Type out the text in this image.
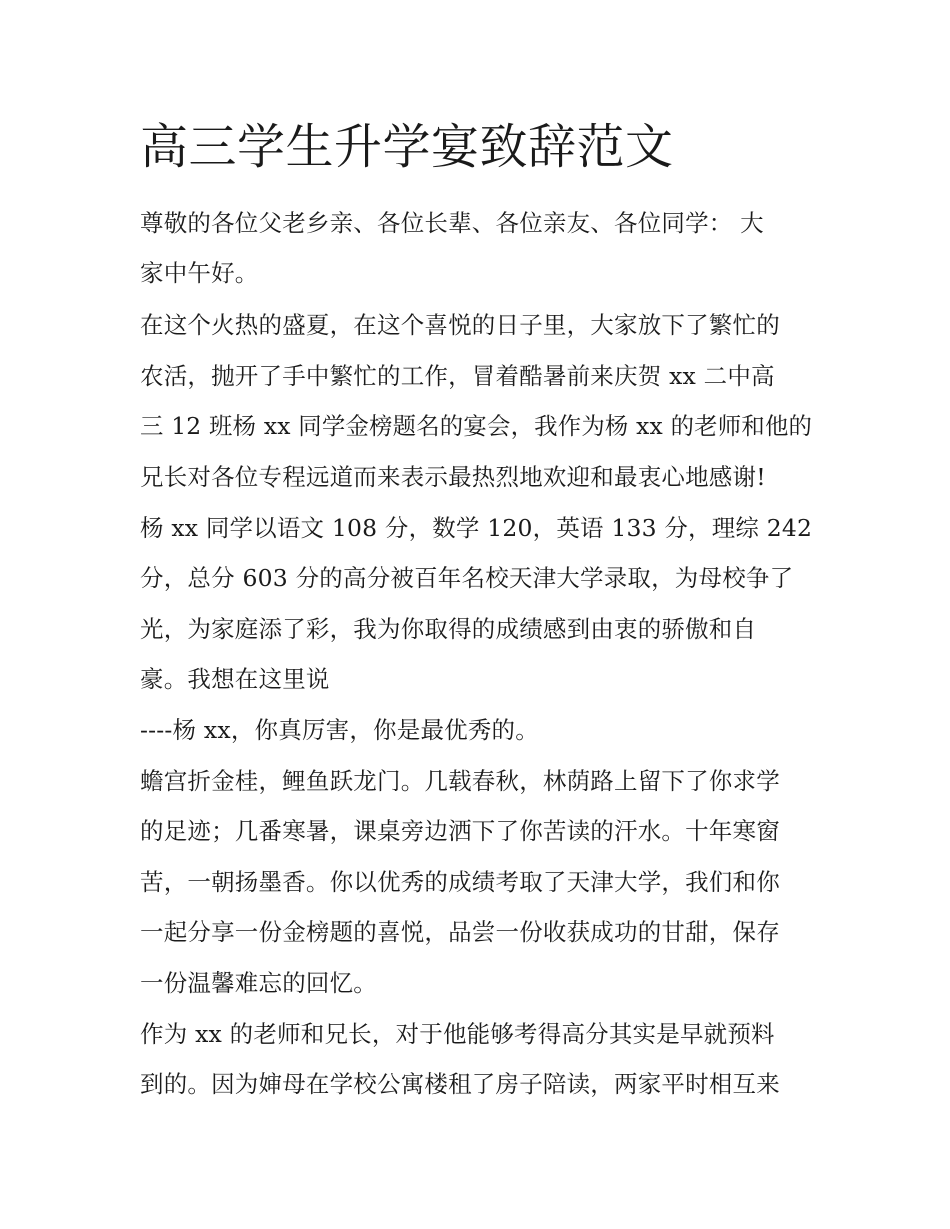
高三学生升学宴致辞范文

尊敬的各位父老乡亲、各位长辈、各位亲友、各位同学： 大

家中午好。

在这个火热的盛夏，在这个喜悦的日子里，大家放下了繁忙的

农活，抛开了手中繁忙的工作，冒着酷暑前来庆贺 xx 二中高

三 12 班杨 xx 同学金榜题名的宴会，我作为杨 xx 的老师和他的

兄长对各位专程远道而来表示最热烈地欢迎和最衷心地感谢!

杨 xx 同学以语文 108 分，数学 120，英语 133 分，理综 242

分，总分 603 分的高分被百年名校天津大学录取，为母校争了

光，为家庭添了彩，我为你取得的成绩感到由衷的骄傲和自

豪。我想在这里说

----杨 xx，你真厉害，你是最优秀的。

蟾宫折金桂，鲤鱼跃龙门。几载春秋，林荫路上留下了你求学

的足迹；几番寒暑，课桌旁边洒下了你苦读的汗水。十年寒窗

苦，一朝扬墨香。你以优秀的成绩考取了天津大学，我们和你

一起分享一份金榜题的喜悦，品尝一份收获成功的甘甜，保存

一份温馨难忘的回忆。

作为 xx 的老师和兄长，对于他能够考得高分其实是早就预料

到的。因为婶母在学校公寓楼租了房子陪读，两家平时相互来
